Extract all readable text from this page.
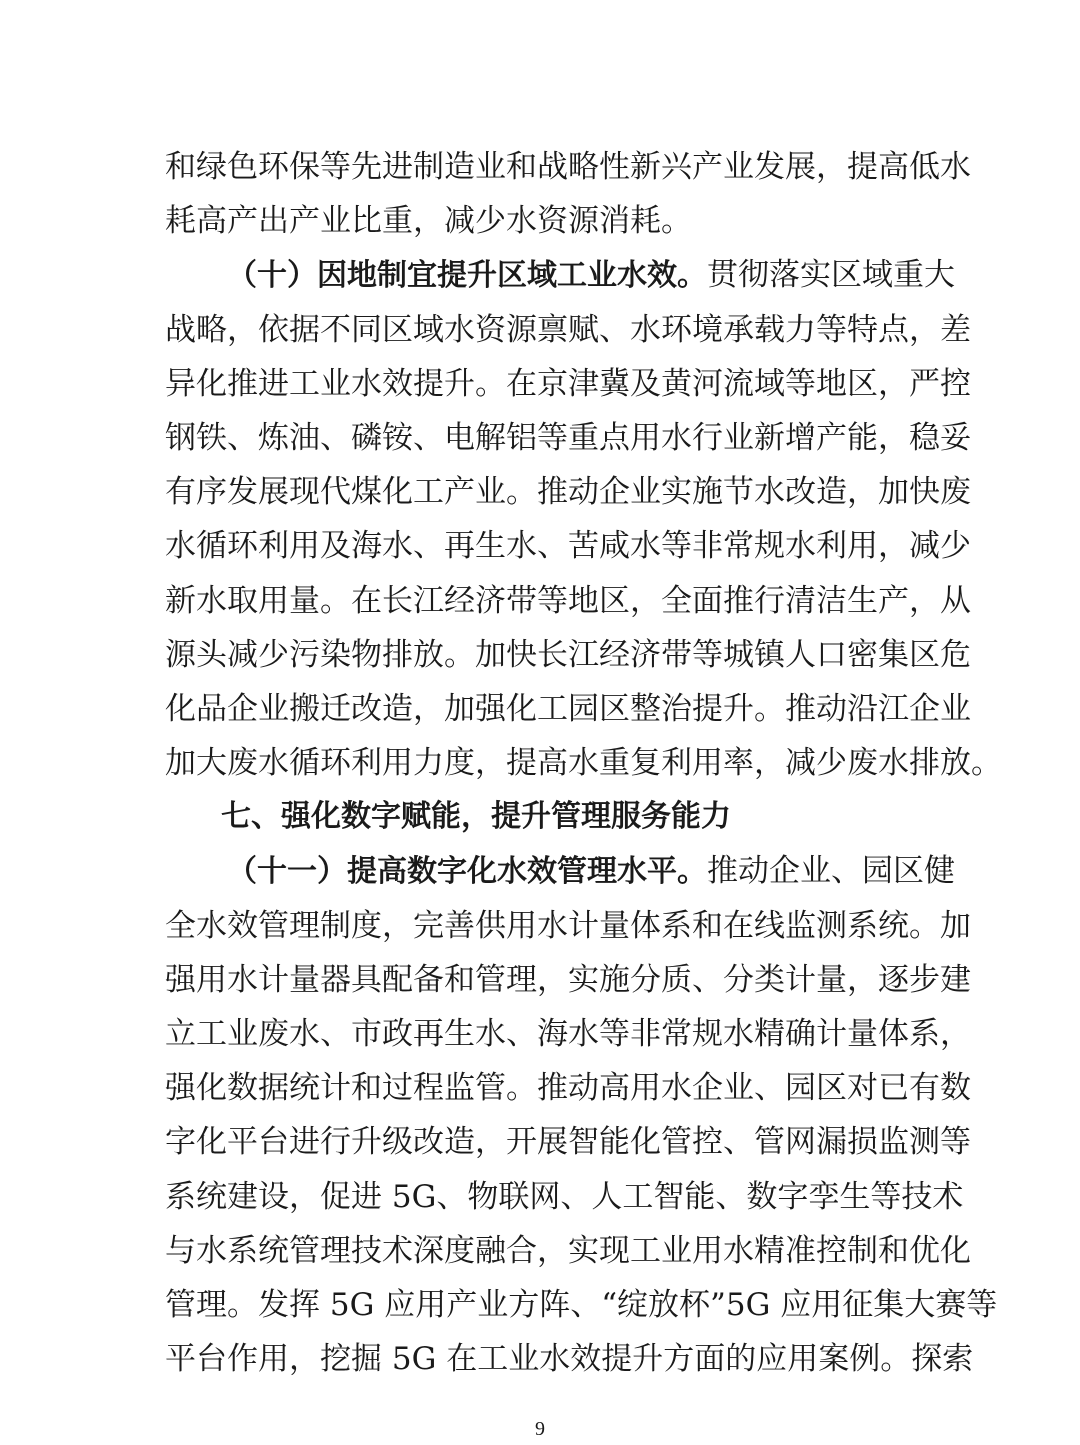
和绿色环保等先进制造业和战略性新兴产业发展，提高低水
耗高产出产业比重，减少水资源消耗。
（十）因地制宜提升区域工业水效。贯彻落实区域重大
战略，依据不同区域水资源禀赋、水环境承载力等特点，差
异化推进工业水效提升。在京津冀及黄河流域等地区，严控
钢铁、炼油、磷铵、电解铝等重点用水行业新增产能，稳妥
有序发展现代煤化工产业。推动企业实施节水改造，加快废
水循环利用及海水、再生水、苦咸水等非常规水利用，减少
新水取用量。在长江经济带等地区，全面推行清洁生产，从
源头减少污染物排放。加快长江经济带等城镇人口密集区危
化品企业搬迁改造，加强化工园区整治提升。推动沿江企业
加大废水循环利用力度，提高水重复利用率，减少废水排放。
七、强化数字赋能，提升管理服务能力
（十一）提高数字化水效管理水平。推动企业、园区健
全水效管理制度，完善供用水计量体系和在线监测系统。加
强用水计量器具配备和管理，实施分质、分类计量，逐步建
立工业废水、市政再生水、海水等非常规水精确计量体系，
强化数据统计和过程监管。推动高用水企业、园区对已有数
字化平台进行升级改造，开展智能化管控、管网漏损监测等
系统建设，促进 5G、物联网、人工智能、数字孪生等技术
与水系统管理技术深度融合，实现工业用水精准控制和优化
管理。发挥 5G 应用产业方阵、“绽放杯”5G 应用征集大赛等
平台作用，挖掘 5G 在工业水效提升方面的应用案例。探索
9
